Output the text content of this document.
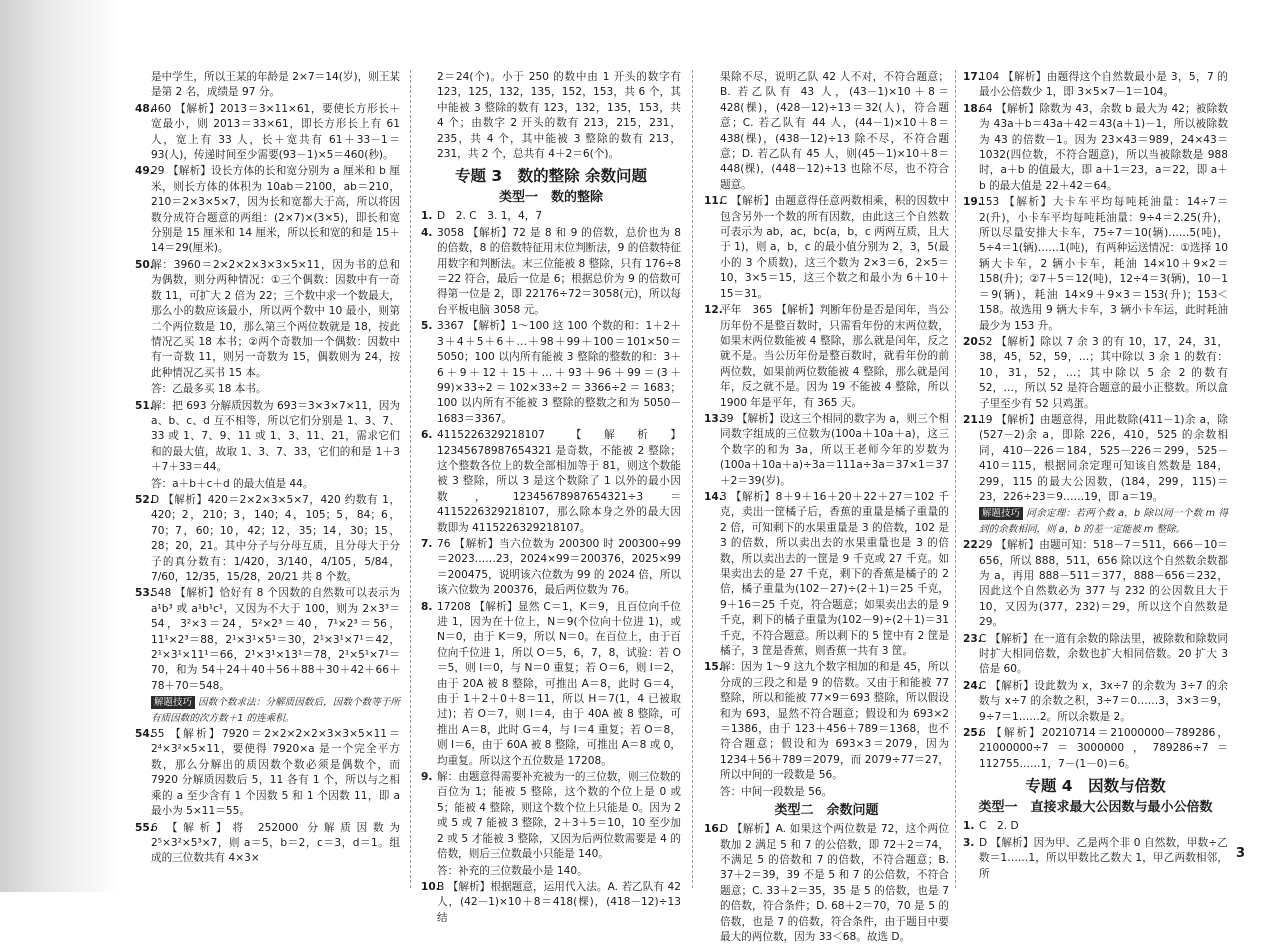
是中学生，所以王某的年龄是 2×7＝14(岁)，则王某是第 2 名，成绩是 97 分。
48.
460 【解析】2013＝3×11×61，要使长方形长＋宽最小，则 2013＝33×61，即长方形长上有 61 人，宽上有 33 人，长＋宽共有 61＋33－1＝93(人)，传递时间至少需要(93－1)×5＝460(秒)。
49.
29 【解析】设长方体的长和宽分别为 a 厘米和 b 厘米，则长方体的体积为 10ab＝2100，ab＝210，210＝2×3×5×7，因为长和宽都大于高，所以将因数分成符合题意的两组：(2×7)×(3×5)，即长和宽分别是 15 厘米和 14 厘米，所以长和宽的和是 15＋14＝29(厘米)。
50.
解：3960＝2×2×2×3×3×5×11，因为书的总和为偶数，则分两种情况：①三个偶数：因数中有一奇数 11，可扩大 2 倍为 22；三个数中求一个数最大，那么小的数应该最小，所以两个数中 10 最小，则第二个两位数是 10，那么第三个两位数就是 18，按此情况乙买 18 本书；②两个奇数加一个偶数：因数中有一奇数 11，则另一奇数为 15，偶数则为 24，按此种情况乙买书 15 本。
答：乙最多买 18 本书。
51.
解：把 693 分解质因数为 693＝3×3×7×11，因为 a、b、c、d 互不相等，所以它们分别是 1、3、7、33 或 1、7、9、11 或 1、3、11、21，需求它们和的最大值，故取 1、3、7、33，它们的和是 1＋3＋7＋33＝44。
答：a＋b＋c＋d 的最大值是 44。
52.
D 【解析】420＝2×2×3×5×7，420 约数有 1，420；2，210；3，140；4，105；5，84；6，70；7，60；10，42；12，35；14，30；15，28；20，21。其中分子与分母互质，且分母大于分子的真分数有：1/420，3/140，4/105，5/84，7/60，12/35，15/28，20/21 共 8 个数。
53.
548 【解析】恰好有 8 个因数的自然数可以表示为 a¹b³ 或 a¹b¹c¹，又因为不大于 100，则为 2×3³＝54，3²×3＝24，5²×2³＝40，7¹×2³＝56，11¹×2³＝88，2¹×3¹×5¹＝30，2¹×3¹×7¹＝42，2¹×3¹×11¹＝66，2¹×3¹×13¹＝78，2¹×5¹×7¹＝70，和为 54＋24＋40＋56＋88＋30＋42＋66＋78＋70＝548。
解题技巧 因数个数求法：分解质因数后，因数个数等于所有质因数的次方数＋1 的连乘积。
54.
55 【解析】7920＝2×2×2×2×3×3×5×11＝2⁴×3²×5×11，要使得 7920×a 是一个完全平方数，那么分解出的质因数个数必须是偶数个，而 7920 分解质因数后 5，11 各有 1 个，所以与之相乘的 a 至少含有 1 个因数 5 和 1 个因数 11，即 a 最小为 5×11＝55。
55.
6 【解析】将 252000 分解质因数为 2⁵×3²×5³×7，则 a＝5，b＝2，c＝3，d＝1。组成的三位数共有 4×3×
2＝24(个)。小于 250 的数中由 1 开头的数字有 123，125，132，135，152，153，共 6 个，其中能被 3 整除的数有 123，132，135，153，共 4 个；由数字 2 开头的数有 213，215，231，235，共 4 个，其中能被 3 整除的数有 213，231，共 2 个，总共有 4＋2＝6(个)。
专题 3　数的整除 余数问题
类型一　数的整除
1. D　2. C　3. 1，4，7
4. 3058 【解析】72 是 8 和 9 的倍数，总价也为 8 的倍数，8 的倍数特征用末位判断法，9 的倍数特征用数字和判断法。末三位能被 8 整除，只有 176÷8＝22 符合，最后一位是 6；根据总价为 9 的倍数可得第一位是 2，即 22176÷72＝3058(元)，所以每台平板电脑 3058 元。
5. 3367 【解析】1～100 这 100 个数的和：1＋2＋3＋4＋5＋6＋…＋98＋99＋100＝101×50＝5050；100 以内所有能被 3 整除的整数的和：3＋6＋9＋12＋15＋…＋93＋96＋99＝(3＋99)×33÷2＝102×33÷2＝3366÷2＝1683；100 以内所有不能被 3 整除的整数之和为 5050－1683＝3367。
6. 4115226329218107 【解析】12345678987654321 是奇数，不能被 2 整除；这个整数各位上的数全部相加等于 81，则这个数能被 3 整除，所以 3 是这个数除了 1 以外的最小因数，12345678987654321÷3＝4115226329218107，那么除本身之外的最大因数即为 4115226329218107。
7. 76 【解析】当六位数为 200300 时 200300÷99＝2023……23，2024×99＝200376，2025×99＝200475，说明该六位数为 99 的 2024 倍，所以该六位数为 200376，最后两位数为 76。
8. 17208 【解析】显然 C＝1，K＝9，且百位向千位进 1，因为在十位上，N＝9(个位向十位进 1)，或 N＝0，由于 K＝9，所以 N＝0。在百位上，由于百位向千位进 1，所以 O＝5，6，7，8，试验：若 O＝5，则 I＝0，与 N＝0 重复；若 O＝6，则 I＝2，由于 20A 被 8 整除，可推出 A＝8，此时 G＝4，由于 1＋2＋0＋8＝11，所以 H＝7(1，4 已被取过)；若 O＝7，则 I＝4，由于 40A 被 8 整除，可推出 A＝8，此时 G＝4，与 I＝4 重复；若 O＝8，则 I＝6，由于 60A 被 8 整除，可推出 A＝8 或 0，均重复。所以这个五位数是 17208。
9. 解：由题意得需要补充被为一的三位数，则三位数的百位为 1；能被 5 整除，这个数的个位上是 0 或 5；能被 4 整除，则这个数个位上只能是 0。因为 2 或 5 或 7 能被 3 整除，2＋3＋5＝10，10 至少加 2 或 5 才能被 3 整除，又因为后两位数需要是 4 的倍数，则后三位数最小只能是 140。
答：补充的三位数最小是 140。
10.
B 【解析】根据题意，运用代入法。A. 若乙队有 42 人，(42－1)×10＋8＝418(棵)，(418－12)÷13 结
果除不尽，说明乙队 42 人不对，不符合题意；B. 若乙队有 43 人，(43－1)×10＋8＝428(棵)，(428－12)÷13＝32(人)，符合题意；C. 若乙队有 44 人，(44－1)×10＋8＝438(棵)，(438－12)÷13 除不尽，不符合题意；D. 若乙队有 45 人，则(45－1)×10＋8＝448(棵)，(448－12)÷13 也除不尽，也不符合题意。
11.
C 【解析】由题意得任意两数相乘，积的因数中包含另外一个数的所有因数，由此这三个自然数可表示为 ab，ac，bc(a，b，c 两两互质，且大于 1)，则 a，b，c 的最小值分别为 2，3，5(最小的 3 个质数)，这三个数为 2×3＝6，2×5＝10，3×5＝15，这三个数之和最小为 6＋10＋15＝31。
12.
平年　365 【解析】判断年份是否是闰年，当公历年份不是整百数时，只需看年份的末两位数，如果末两位数能被 4 整除，那么就是闰年，反之就不是。当公历年份是整百数时，就看年份的前两位数，如果前两位数能被 4 整除，那么就是闰年，反之就不是。因为 19 不能被 4 整除，所以 1900 年是平年，有 365 天。
13.
39 【解析】设这三个相同的数字为 a，则三个相同数字组成的三位数为(100a＋10a＋a)，这三个数字的和为 3a，所以王老师今年的岁数为(100a＋10a＋a)÷3a＝111a÷3a＝37×1＝37＋2＝39(岁)。
14.
3 【解析】8＋9＋16＋20＋22＋27＝102 千克，卖出一筐橘子后，香蕉的重量是橘子重量的 2 倍，可知剩下的水果重量是 3 的倍数，102 是 3 的倍数，所以卖出去的水果重量也是 3 的倍数，所以卖出去的一筐是 9 千克或 27 千克。如果卖出去的是 27 千克，剩下的香蕉是橘子的 2 倍，橘子重量为(102－27)÷(2＋1)＝25 千克，9＋16＝25 千克，符合题意；如果卖出去的是 9 千克，剩下的橘子重量为(102－9)÷(2＋1)＝31 千克，不符合题意。所以剩下的 5 筐中有 2 筐是橘子，3 筐是香蕉，则香蕉一共有 3 筐。
15.
解：因为 1～9 这九个数字相加的和是 45，所以分成的三段之和是 9 的倍数。又由于和能被 77 整除，所以和能被 77×9＝693 整除，所以假设和为 693，显然不符合题意；假设和为 693×2＝1386，由于 123＋456＋789＝1368，也不符合题意；假设和为 693×3＝2079，因为 1234＋56＋789＝2079，而 2079÷77＝27，所以中间的一段数是 56。
答：中间一段数是 56。
类型二　余数问题
16.
D 【解析】A. 如果这个两位数是 72，这个两位数加 2 满足 5 和 7 的公倍数，即 72＋2＝74，不满足 5 的倍数和 7 的倍数，不符合题意；B. 37＋2＝39，39 不是 5 和 7 的公倍数，不符合题意；C. 33＋2＝35，35 是 5 的倍数，也是 7 的倍数，符合条件；D. 68＋2＝70，70 是 5 的倍数，也是 7 的倍数，符合条件，由于题目中要最大的两位数，因为 33＜68。故选 D。
17.
104 【解析】由题得这个自然数最小是 3，5，7 的最小公倍数少 1，即 3×5×7－1＝104。
18.
64 【解析】除数为 43，余数 b 最大为 42；被除数为 43a＋b＝43a＋42＝43(a＋1)－1，所以被除数为 43 的倍数－1。因为 23×43＝989，24×43＝1032(四位数，不符合题意)，所以当被除数是 988 时，a＋b 的值最大，即 a＋1＝23，a＝22，即 a＋b 的最大值是 22＋42＝64。
19.
153 【解析】大卡车平均每吨耗油量：14÷7＝2(升)，小卡车平均每吨耗油量：9÷4＝2.25(升)，所以尽量安排大卡车，75÷7＝10(辆)……5(吨)，5÷4＝1(辆)……1(吨)，有两种运送情况：①选择 10 辆大卡车，2 辆小卡车，耗油 14×10＋9×2＝158(升)；②7＋5＝12(吨)，12÷4＝3(辆)，10－1＝9(辆)，耗油 14×9＋9×3＝153(升)；153＜158。故选用 9 辆大卡车，3 辆小卡车运，此时耗油最少为 153 升。
20.
52 【解析】除以 7 余 3 的有 10，17，24，31，38，45，52，59，…；其中除以 3 余 1 的数有：10，31，52，…；其中除以 5 余 2 的数有 52，…，所以 52 是符合题意的最小正整数。所以盒子里至少有 52 只鸡蛋。
21.
19 【解析】由题意得，用此数除(411－1)余 a，除(527－2)余 a，即除 226，410，525 的余数相同，410－226＝184，525－226＝299，525－410＝115，根据同余定理可知该自然数是 184，299，115 的最大公因数，(184，299，115)＝23，226÷23＝9……19，即 a＝19。
解题技巧 同余定理：若两个数 a，b 除以同一个数 m 得到的余数相同，则 a，b 的差一定能被 m 整除。
22.
29 【解析】由题可知：518－7＝511，666－10＝656，所以 888，511，656 除以这个自然数余数都为 a，再用 888－511＝377，888－656＝232，因此这个自然数必为 377 与 232 的公因数且大于 10，又因为(377，232)＝29，所以这个自然数是 29。
23.
C 【解析】在一道有余数的除法里，被除数和除数同时扩大相同倍数，余数也扩大相同倍数。20 扩大 3 倍是 60。
24.
C 【解析】设此数为 x，3x÷7 的余数为 3÷7 的余数与 x÷7 的余数之积，3÷7＝0……3，3×3＝9，9÷7＝1……2。所以余数是 2。
25.
6 【解析】20210714＝21000000－789286，21000000÷7＝3000000，789286÷7＝112755……1，7－(1－0)＝6。
专题 4　因数与倍数
类型一　直接求最大公因数与最小公倍数
1. C　2. D
3. D 【解析】因为甲、乙是两个非 0 自然数，甲数÷乙数＝1……1，所以甲数比乙数大 1，甲乙两数相邻，所
3
